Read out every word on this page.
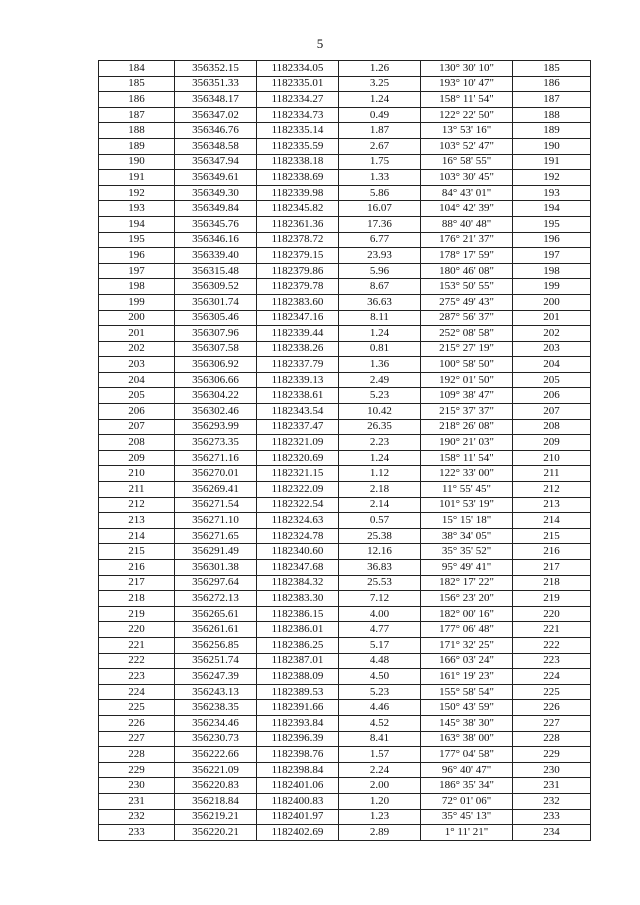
5
184	356352.15	1182334.05	1.26	130° 30' 10"	185
185	356351.33	1182335.01	3.25	193° 10' 47"	186
186	356348.17	1182334.27	1.24	158° 11' 54"	187
187	356347.02	1182334.73	0.49	122° 22' 50"	188
188	356346.76	1182335.14	1.87	13° 53' 16"	189
189	356348.58	1182335.59	2.67	103° 52' 47"	190
190	356347.94	1182338.18	1.75	16° 58' 55"	191
191	356349.61	1182338.69	1.33	103° 30' 45"	192
192	356349.30	1182339.98	5.86	84° 43' 01"	193
193	356349.84	1182345.82	16.07	104° 42' 39"	194
194	356345.76	1182361.36	17.36	88° 40' 48"	195
195	356346.16	1182378.72	6.77	176° 21' 37"	196
196	356339.40	1182379.15	23.93	178° 17' 59"	197
197	356315.48	1182379.86	5.96	180° 46' 08"	198
198	356309.52	1182379.78	8.67	153° 50' 55"	199
199	356301.74	1182383.60	36.63	275° 49' 43"	200
200	356305.46	1182347.16	8.11	287° 56' 37"	201
201	356307.96	1182339.44	1.24	252° 08' 58"	202
202	356307.58	1182338.26	0.81	215° 27' 19"	203
203	356306.92	1182337.79	1.36	100° 58' 50"	204
204	356306.66	1182339.13	2.49	192° 01' 50"	205
205	356304.22	1182338.61	5.23	109° 38' 47"	206
206	356302.46	1182343.54	10.42	215° 37' 37"	207
207	356293.99	1182337.47	26.35	218° 26' 08"	208
208	356273.35	1182321.09	2.23	190° 21' 03"	209
209	356271.16	1182320.69	1.24	158° 11' 54"	210
210	356270.01	1182321.15	1.12	122° 33' 00"	211
211	356269.41	1182322.09	2.18	11° 55' 45"	212
212	356271.54	1182322.54	2.14	101° 53' 19"	213
213	356271.10	1182324.63	0.57	15° 15' 18"	214
214	356271.65	1182324.78	25.38	38° 34' 05"	215
215	356291.49	1182340.60	12.16	35° 35' 52"	216
216	356301.38	1182347.68	36.83	95° 49' 41"	217
217	356297.64	1182384.32	25.53	182° 17' 22"	218
218	356272.13	1182383.30	7.12	156° 23' 20"	219
219	356265.61	1182386.15	4.00	182° 00' 16"	220
220	356261.61	1182386.01	4.77	177° 06' 48"	221
221	356256.85	1182386.25	5.17	171° 32' 25"	222
222	356251.74	1182387.01	4.48	166° 03' 24"	223
223	356247.39	1182388.09	4.50	161° 19' 23"	224
224	356243.13	1182389.53	5.23	155° 58' 54"	225
225	356238.35	1182391.66	4.46	150° 43' 59"	226
226	356234.46	1182393.84	4.52	145° 38' 30"	227
227	356230.73	1182396.39	8.41	163° 38' 00"	228
228	356222.66	1182398.76	1.57	177° 04' 58"	229
229	356221.09	1182398.84	2.24	96° 40' 47"	230
230	356220.83	1182401.06	2.00	186° 35' 34"	231
231	356218.84	1182400.83	1.20	72° 01' 06"	232
232	356219.21	1182401.97	1.23	35° 45' 13"	233
233	356220.21	1182402.69	2.89	1° 11' 21"	234
